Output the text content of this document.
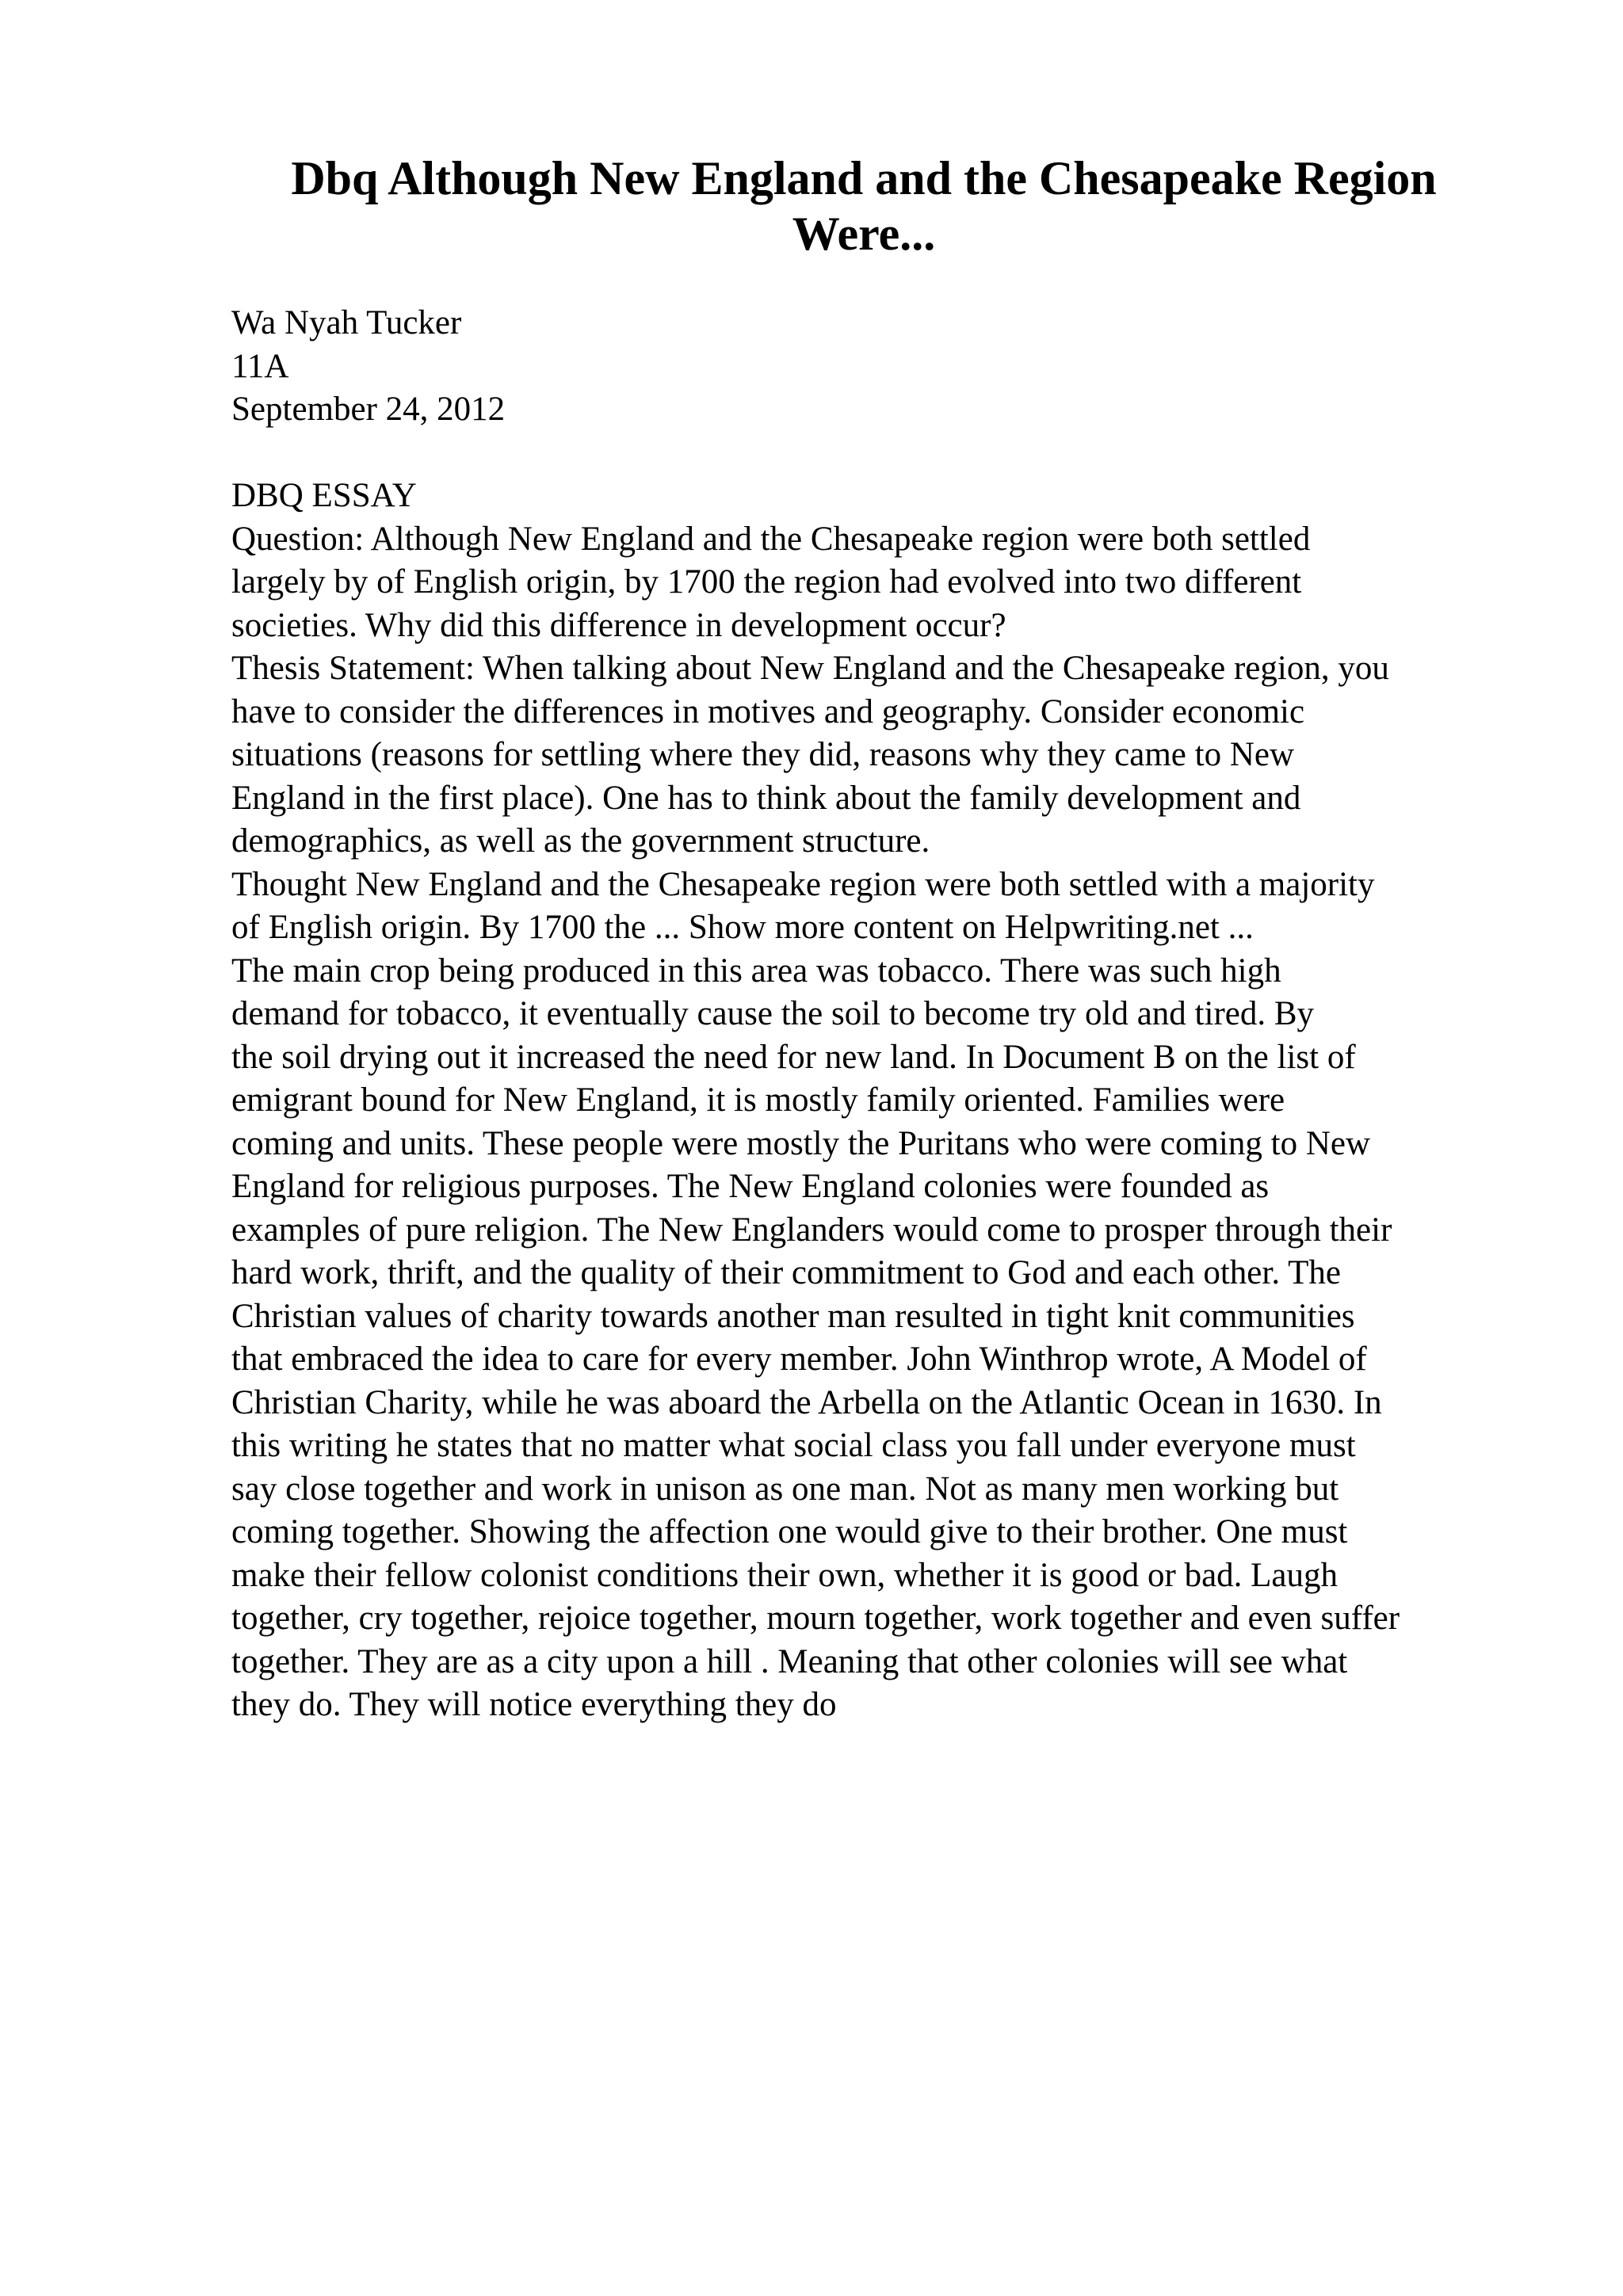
Dbq Although New England and the Chesapeake Region Were...
Wa Nyah Tucker
11A
September 24, 2012
DBQ ESSAY
Question: Although New England and the Chesapeake region were both settled
largely by of English origin, by 1700 the region had evolved into two different
societies. Why did this difference in development occur?
Thesis Statement: When talking about New England and the Chesapeake region, you
have to consider the differences in motives and geography. Consider economic
situations (reasons for settling where they did, reasons why they came to New
England in the first place). One has to think about the family development and
demographics, as well as the government structure.
Thought New England and the Chesapeake region were both settled with a majority
of English origin. By 1700 the ... Show more content on Helpwriting.net ...
The main crop being produced in this area was tobacco. There was such high
demand for tobacco, it eventually cause the soil to become try old and tired. By
the soil drying out it increased the need for new land. In Document B on the list of
emigrant bound for New England, it is mostly family oriented. Families were
coming and units. These people were mostly the Puritans who were coming to New
England for religious purposes. The New England colonies were founded as
examples of pure religion. The New Englanders would come to prosper through their
hard work, thrift, and the quality of their commitment to God and each other. The
Christian values of charity towards another man resulted in tight knit communities
that embraced the idea to care for every member. John Winthrop wrote, A Model of
Christian Charity, while he was aboard the Arbella on the Atlantic Ocean in 1630. In
this writing he states that no matter what social class you fall under everyone must
say close together and work in unison as one man. Not as many men working but
coming together. Showing the affection one would give to their brother. One must
make their fellow colonist conditions their own, whether it is good or bad. Laugh
together, cry together, rejoice together, mourn together, work together and even suffer
together. They are as a city upon a hill . Meaning that other colonies will see what
they do. They will notice everything they do
